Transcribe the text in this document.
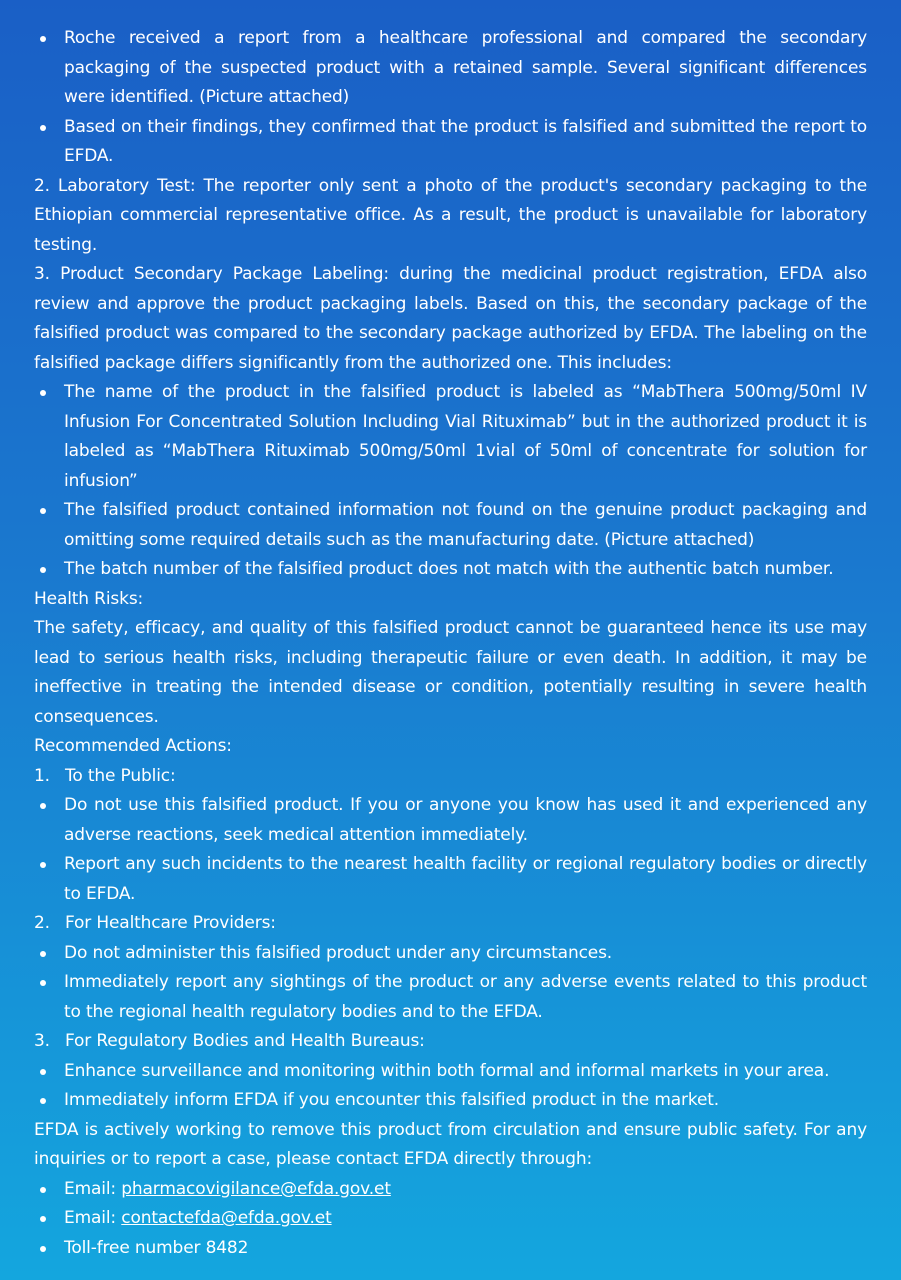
Roche received a report from a healthcare professional and compared the secondary packaging of the suspected product with a retained sample. Several significant differences were identified. (Picture attached)
Based on their findings, they confirmed that the product is falsified and submitted the report to EFDA.

2. Laboratory Test: The reporter only sent a photo of the product's secondary packaging to the Ethiopian commercial representative office. As a result, the product is unavailable for laboratory testing.

3. Product Secondary Package Labeling: during the medicinal product registration, EFDA also review and approve the product packaging labels. Based on this, the secondary package of the falsified product was compared to the secondary package authorized by EFDA. The labeling on the falsified package differs significantly from the authorized one. This includes:

The name of the product in the falsified product is labeled as “MabThera 500mg/50ml IV Infusion For Concentrated Solution Including Vial Rituximab” but in the authorized product it is labeled as “MabThera Rituximab 500mg/50ml 1vial of 50ml of concentrate for solution for infusion”
The falsified product contained information not found on the genuine product packaging and omitting some required details such as the manufacturing date. (Picture attached)
The batch number of the falsified product does not match with the authentic batch number.

Health Risks:

The safety, efficacy, and quality of this falsified product cannot be guaranteed hence its use may lead to serious health risks, including therapeutic failure or even death. In addition, it may be ineffective in treating the intended disease or condition, potentially resulting in severe health consequences.

Recommended Actions:

1. To the Public:
Do not use this falsified product. If you or anyone you know has used it and experienced any adverse reactions, seek medical attention immediately.
Report any such incidents to the nearest health facility or regional regulatory bodies or directly to EFDA.
2. For Healthcare Providers:
Do not administer this falsified product under any circumstances.
Immediately report any sightings of the product or any adverse events related to this product to the regional health regulatory bodies and to the EFDA.
3. For Regulatory Bodies and Health Bureaus:
Enhance surveillance and monitoring within both formal and informal markets in your area.
Immediately inform EFDA if you encounter this falsified product in the market.

EFDA is actively working to remove this product from circulation and ensure public safety. For any inquiries or to report a case, please contact EFDA directly through:

Email: pharmacovigilance@efda.gov.et
Email: contactefda@efda.gov.et
Toll-free number 8482
